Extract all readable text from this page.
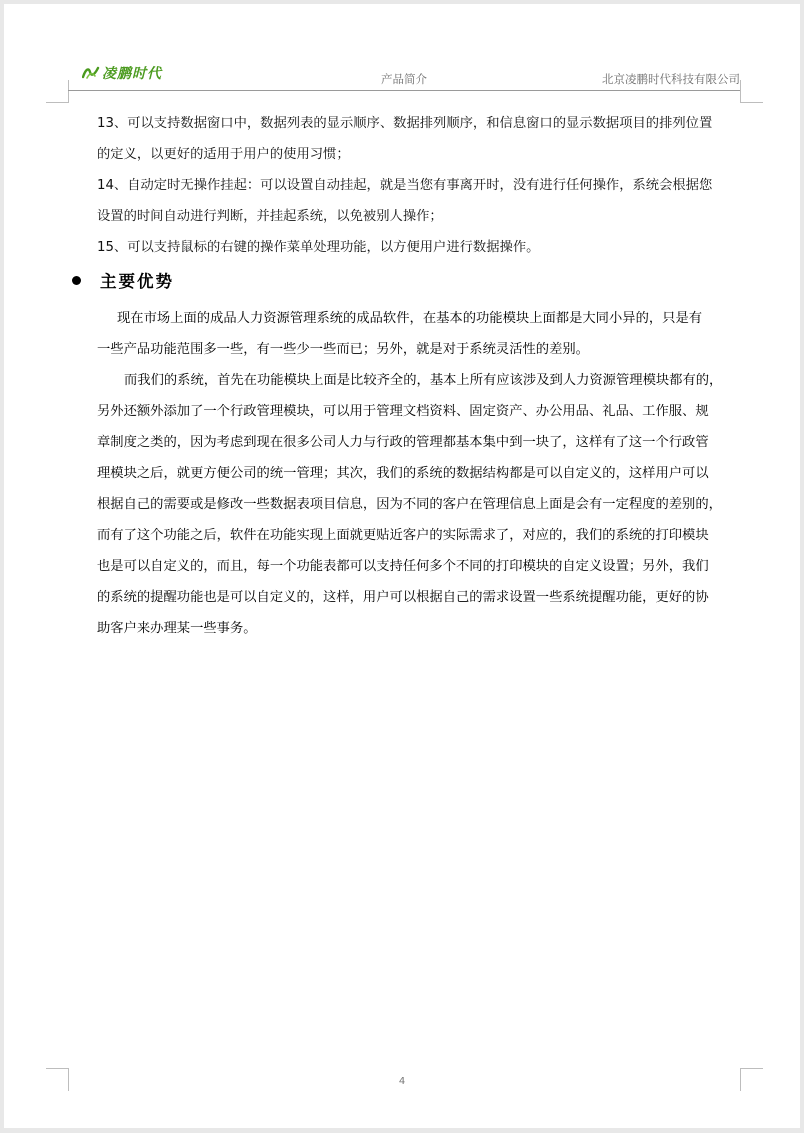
凌鹏时代	产品简介	北京凌鹏时代科技有限公司

13、可以支持数据窗口中，数据列表的显示顺序、数据排列顺序，和信息窗口的显示数据项目的排列位置

的定义，以更好的适用于用户的使用习惯；

14、自动定时无操作挂起：可以设置自动挂起，就是当您有事离开时，没有进行任何操作，系统会根据您

设置的时间自动进行判断，并挂起系统，以免被别人操作；

15、可以支持鼠标的右键的操作菜单处理功能，以方便用户进行数据操作。

主要优势

现在市场上面的成品人力资源管理系统的成品软件，在基本的功能模块上面都是大同小异的，只是有

一些产品功能范围多一些，有一些少一些而已；另外，就是对于系统灵活性的差别。

而我们的系统，首先在功能模块上面是比较齐全的，基本上所有应该涉及到人力资源管理模块都有的，

另外还额外添加了一个行政管理模块，可以用于管理文档资料、固定资产、办公用品、礼品、工作服、规

章制度之类的，因为考虑到现在很多公司人力与行政的管理都基本集中到一块了，这样有了这一个行政管

理模块之后，就更方便公司的统一管理；其次，我们的系统的数据结构都是可以自定义的，这样用户可以

根据自己的需要或是修改一些数据表项目信息，因为不同的客户在管理信息上面是会有一定程度的差别的，

而有了这个功能之后，软件在功能实现上面就更贴近客户的实际需求了，对应的，我们的系统的打印模块

也是可以自定义的，而且，每一个功能表都可以支持任何多个不同的打印模块的自定义设置；另外，我们

的系统的提醒功能也是可以自定义的，这样，用户可以根据自己的需求设置一些系统提醒功能，更好的协

助客户来办理某一些事务。

4
